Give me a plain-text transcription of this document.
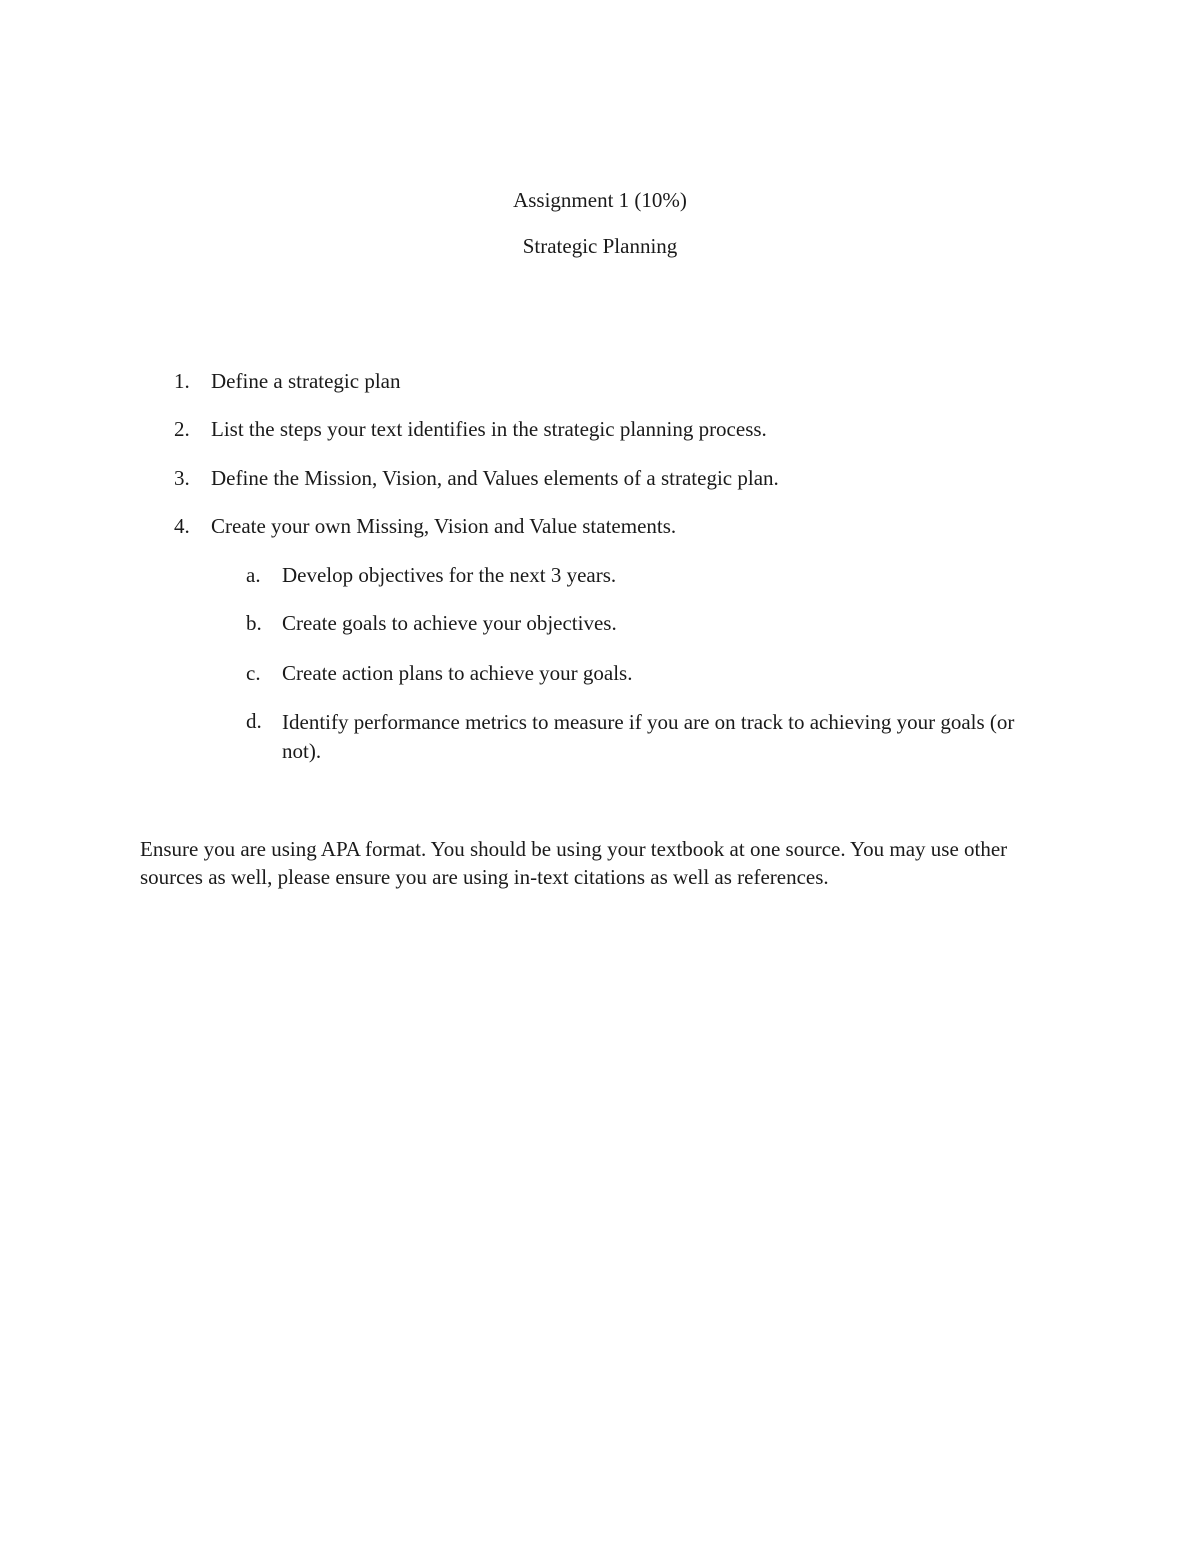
Assignment 1 (10%)
Strategic Planning
1.	Define a strategic plan
2.	List the steps your text identifies in the strategic planning process.
3.	Define the Mission, Vision, and Values elements of a strategic plan.
4.	Create your own Missing, Vision and Value statements.
a.	Develop objectives for the next 3 years.
b. Create goals to achieve your objectives.
c.	Create action plans to achieve your goals.
d. Identify performance metrics to measure if you are on track to achieving your goals (or not).

Ensure you are using APA format. You should be using your textbook at one source. You may use other sources as well, please ensure you are using in-text citations as well as references.
